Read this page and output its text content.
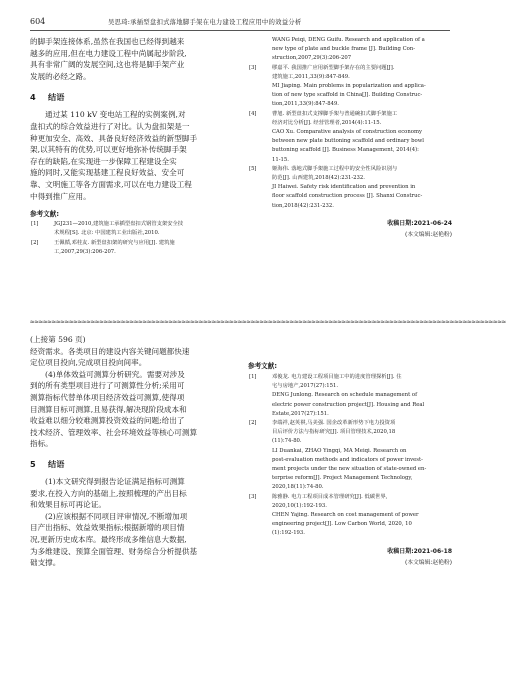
604	吴思琦:承插型盘扣式落地脚手架在电力建设工程应用中的效益分析

的脚手架连接体系,虽然在我国也已经得到越来
越多的应用,但在电力建设工程中尚属起步阶段,
具有非常广阔的发展空间,这也将是脚手架产业
发展的必经之路。

4 结语

通过某 110 kV 变电站工程的实例案例,对
盘扣式的综合效益进行了对比。认为盘扣架是一
种更加安全、高效、具备良好经济效益的新型脚手
架,以其特有的优势,可以更好地弥补传统脚手架
存在的缺陷,在实现进一步保障工程建设全实
施的同时,又能实现基建工程良好效益、安全可
靠、文明施工等各方面需求,可以在电力建设工程
中得到推广应用。

参考文献:

[1]	JGJ231—2010,建筑施工承插型盘扣式钢管支架安全技
术规程[S]. 北京: 中国建筑工业出版社,2010.
[2]	王佩循,邓桂友. 新型盘扣架的研究与应用[J]. 建筑施
工,2007,29(3):206-207.
WANG Peiqi, DENG Guifu. Research and application of a
new type of plate and buckle frame [J]. Building Con-
struction,2007,29(3):206-207
[3]	缪嘉平. 我国推广应用新型脚手架存在的主要问题[J].
建筑施工,2011,33(9):847-849.
MI Jiaping. Main problems in popularization and applica-
tion of new type scaffold in China[J]. Building Construc-
tion,2011,33(9):847-849.
[4]	曹旭. 新型盘扣式支撑脚手架与普通碗扣式脚手架施工
经济对比分析[J]. 经营管理者,2014(4):11-15.
CAO Xu. Comparative analysis of construction economy
between new plate buttoning scaffold and ordinary bowl
buttoning scaffold [J]. Business Management, 2014(4):
11-15.
[5]	姬海伟. 落地式脚手架施工过程中的安全性风险识别与
防范[J]. 山西建筑,2018(42):231-232.
JI Haiwei. Safety risk identification and prevention in
floor scaffold construction process [J]. Shanxi Construc-
tion,2018(42):231-232.

收稿日期:2021-06-24

(本文编辑:赵艳粉)

≈≈≈≈≈≈≈≈≈≈≈≈≈≈≈≈≈≈≈≈≈≈≈≈≈≈≈≈≈≈≈≈≈≈≈≈≈≈≈≈≈≈≈≈≈≈≈≈≈≈≈≈≈≈≈≈≈≈≈≈≈≈≈≈≈≈≈≈≈≈≈≈≈≈≈≈≈≈≈≈≈≈≈≈≈≈≈≈≈≈≈≈≈≈≈≈≈≈≈≈≈≈≈≈≈≈≈≈≈≈

(上接第 596 页)

经资需求。各类项目的建设内容关键问题都快速
定位项目投向,完成项目投向间率。

(4)单体效益可测算分析研究。需要对涉及
到的所有类型项目进行了可测算性分析;采用可
测算指标代替单体项目经济效益可测算,使得项
目测算目标可测算,且易获得,解决现阶段成本和
收益难以细分较难测算投资效益的问题;给出了
技术经济、管理效率、社会环境效益等核心可测算
指标。

5 结语

(1)本文研究得到报告论证满足指标可测算
要求,在投入方向的基础上,按照梳理的产出目标
和效果目标可再论证。

(2)应该根据不同项目评审情况,不断增加项
目产出指标、效益效果指标;根据新增的项目情
况,更新历史成本库。最终形成多维信息大数据,
为多维建设、预算全面管理、财务综合分析提供基
础支撑。

参考文献:

[1]	邓俊龙. 电力建设工程项目施工中的进度管理探析[J]. 住
宅与房地产,2017(27):151.
DENG Junlong. Research on schedule management of
electric power construction project[J]. Housing and Real
Estate,2017(27):151.
[2]	李端祥,赵英祺,马美强. 国企改革新形势下电力投资项
目后评价方法与指标研究[J]. 项目管理技术,2020,18
(11):74-80.
LI Duankai, ZHAO Yingqi, MA Meiqi. Research on
post-evaluation methods and indicators of power invest-
ment projects under the new situation of state-owned en-
terprise reform[J]. Project Management Technology,
2020,18(11):74-80.
[3]	陈雅静. 电力工程项目成本管理研究[J]. 低碳世界,
2020,10(1):192-193.
CHEN Yajing. Research on cost management of power
engineering project[J]. Low Carbon World, 2020, 10
(1):192-193.

收稿日期:2021-06-18

(本文编辑:赵艳粉)
